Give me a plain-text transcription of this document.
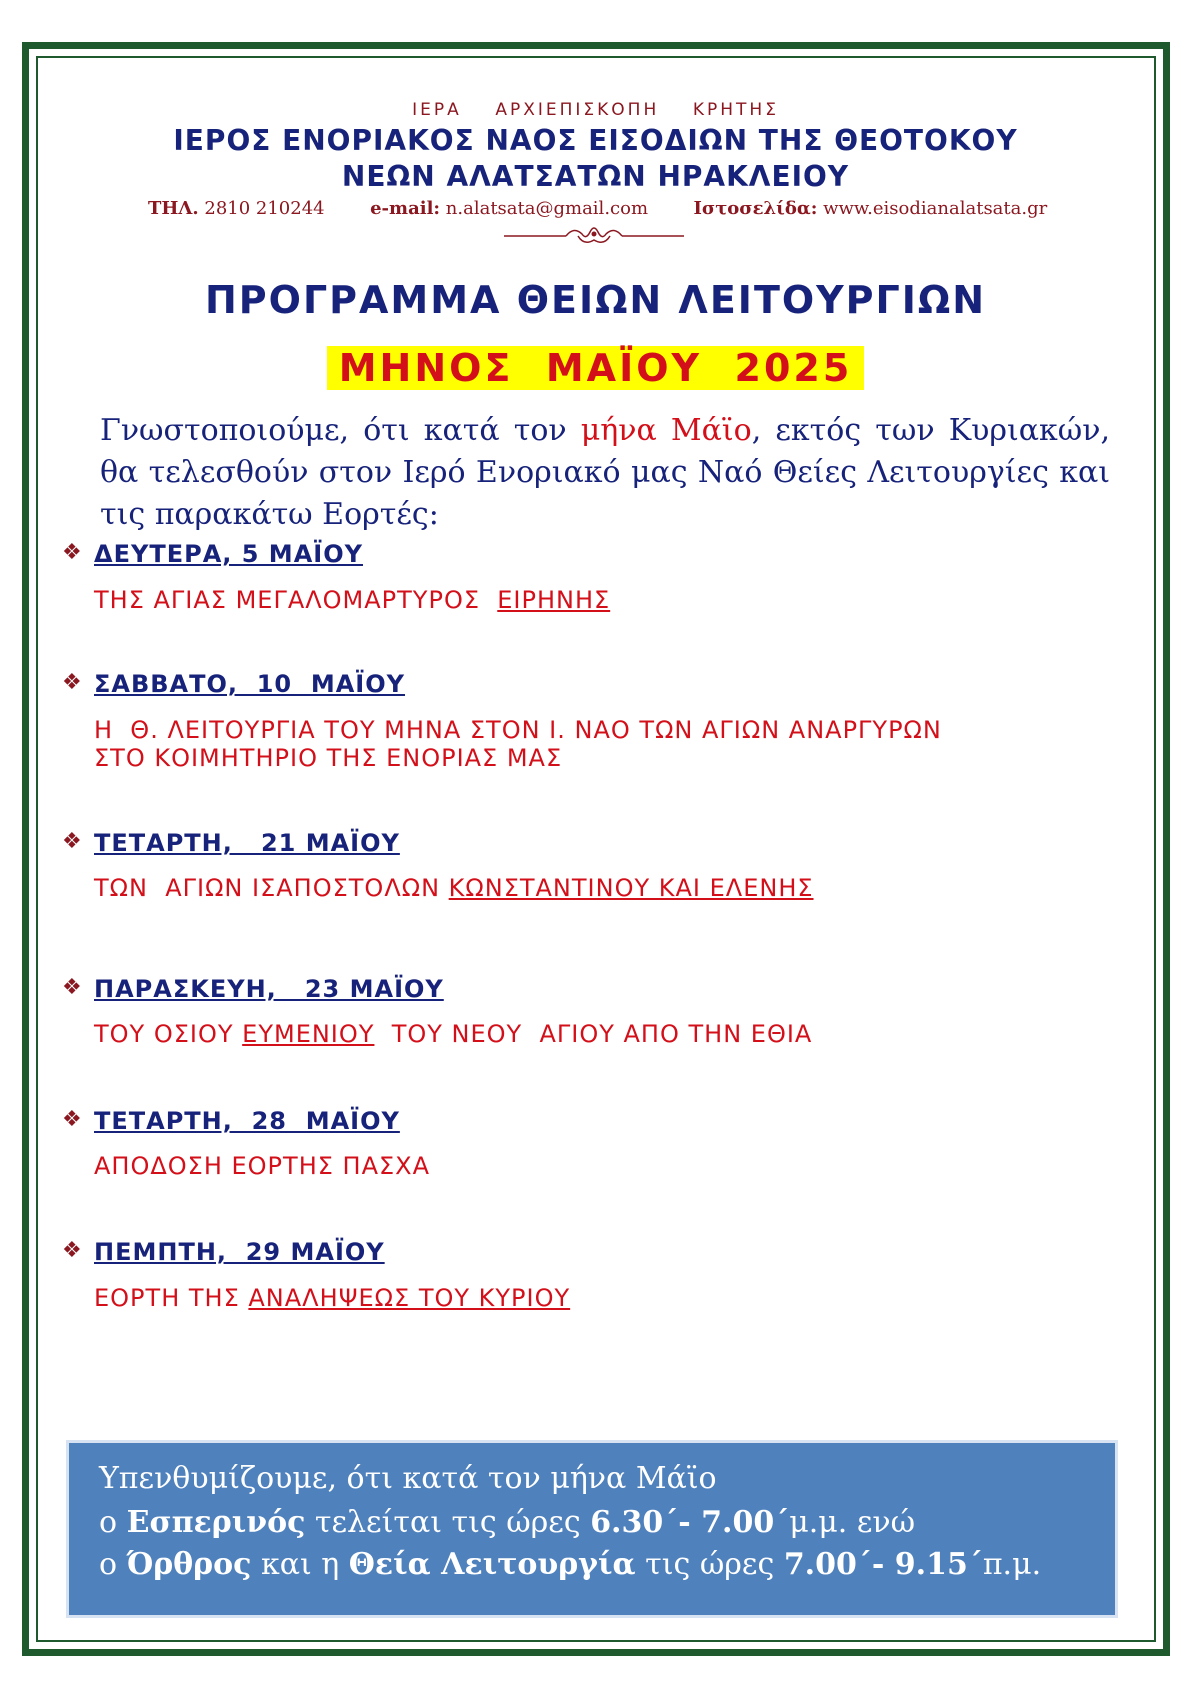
ΙΕΡΑ    ΑΡΧΙΕΠΙΣΚΟΠΗ    ΚΡΗΤΗΣ
ΙΕΡΟΣ ΕΝΟΡΙΑΚΟΣ ΝΑΟΣ ΕΙΣΟΔΙΩΝ ΤΗΣ ΘΕΟΤΟΚΟΥ
ΝΕΩΝ ΑΛΑΤΣΑΤΩΝ ΗΡΑΚΛΕΙΟΥ
ΤΗΛ. 2810 210244	e-mail: n.alatsata@gmail.com	Ιστοσελίδα: www.eisodianalatsata.gr
ΠΡΟΓΡΑΜΜΑ ΘΕΙΩΝ ΛΕΙΤΟΥΡΓΙΩΝ
ΜΗΝΟΣ  ΜΑΪΟΥ  2025
Γνωστοποιούμε, ότι κατά τον μήνα Μάϊο, εκτός των Κυριακών, θα τελεσθούν στον Ιερό Ενοριακό μας Ναό Θείες Λειτουργίες και τις παρακάτω Εορτές:
❖ ΔΕΥΤΕΡΑ, 5 ΜΑΪΟΥ
ΤΗΣ ΑΓΙΑΣ ΜΕΓΑΛΟΜΑΡΤΥΡΟΣ  ΕΙΡΗΝΗΣ
❖ ΣΑΒΒΑΤΟ,  10  ΜΑΪΟΥ
Η  Θ. ΛΕΙΤΟΥΡΓΙΑ ΤΟΥ ΜΗΝΑ ΣΤΟΝ Ι. ΝΑΟ ΤΩΝ ΑΓΙΩΝ ΑΝΑΡΓΥΡΩΝ
ΣΤΟ ΚΟΙΜΗΤΗΡΙΟ ΤΗΣ ΕΝΟΡΙΑΣ ΜΑΣ
❖ ΤΕΤΑΡΤΗ,   21 ΜΑΪΟΥ
ΤΩΝ  ΑΓΙΩΝ ΙΣΑΠΟΣΤΟΛΩΝ ΚΩΝΣΤΑΝΤΙΝΟΥ ΚΑΙ ΕΛΕΝΗΣ
❖ ΠΑΡΑΣΚΕΥΗ,   23 ΜΑΪΟΥ
ΤΟΥ ΟΣΙΟΥ ΕΥΜΕΝΙΟΥ  ΤΟΥ ΝΕΟΥ  ΑΓΙΟΥ ΑΠΟ ΤΗΝ ΕΘΙΑ
❖ ΤΕΤΑΡΤΗ,  28  ΜΑΪΟΥ
ΑΠΟΔΟΣΗ ΕΟΡΤΗΣ ΠΑΣΧΑ
❖ ΠΕΜΠΤΗ,  29 ΜΑΪΟΥ
ΕΟΡΤΗ ΤΗΣ ΑΝΑΛΗΨΕΩΣ ΤΟΥ ΚΥΡΙΟΥ
Υπενθυμίζουμε, ότι κατά τον μήνα Μάϊο
ο Εσπερινός τελείται τις ώρες 6.30΄- 7.00΄μ.μ. ενώ
ο Όρθρος και η Θεία Λειτουργία τις ώρες 7.00΄- 9.15΄π.μ.
